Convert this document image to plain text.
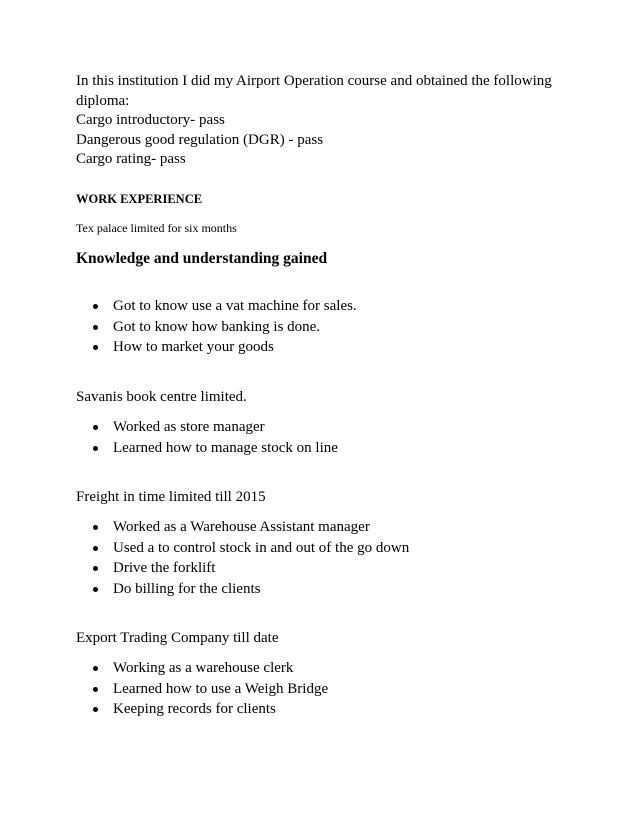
In this institution I did my Airport Operation course and obtained the following diploma:

Cargo introductory- pass

Dangerous good regulation (DGR) - pass

Cargo rating- pass

WORK EXPERIENCE
Tex palace limited for six months
Knowledge and understanding gained
Got to know use a vat machine for sales.
Got to know how banking is done.
How to market your goods
Savanis book centre limited.
Worked as store manager
Learned how to manage stock on line
Freight in time limited till 2015
Worked as a Warehouse Assistant manager
Used a to control stock in and out of the go down
Drive the forklift
Do billing for the clients
Export Trading Company till date
Working as a warehouse clerk
Learned how to use a Weigh Bridge
Keeping records for clients
